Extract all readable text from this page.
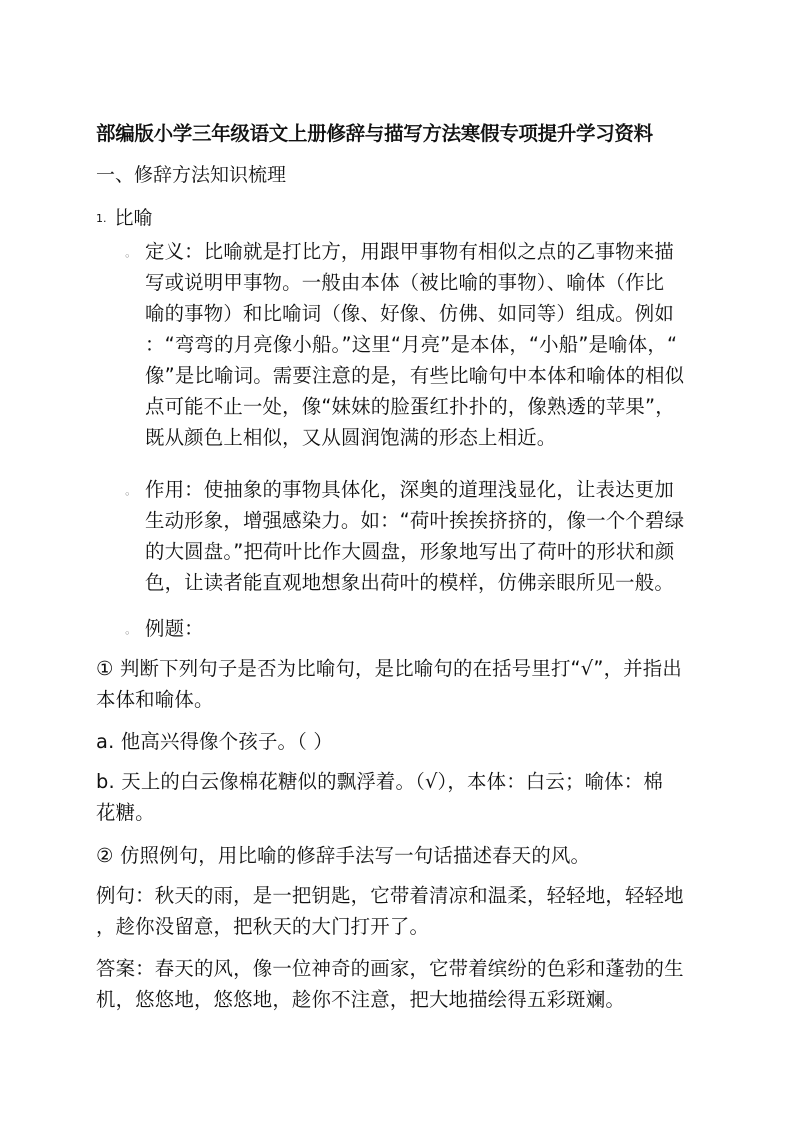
部编版小学三年级语文上册修辞与描写方法寒假专项提升学习资料
一、修辞方法知识梳理
1. 比喻
◦ 定义：比喻就是打比方，用跟甲事物有相似之点的乙事物来描
写或说明甲事物。一般由本体（被比喻的事物）、喻体（作比
喻的事物）和比喻词（像、好像、仿佛、如同等）组成。例如
：“弯弯的月亮像小船。”这里“月亮”是本体，“小船”是喻体，“
像”是比喻词。需要注意的是，有些比喻句中本体和喻体的相似
点可能不止一处，像“妹妹的脸蛋红扑扑的，像熟透的苹果”，
既从颜色上相似，又从圆润饱满的形态上相近。
◦ 作用：使抽象的事物具体化，深奥的道理浅显化，让表达更加
生动形象，增强感染力。如：“荷叶挨挨挤挤的，像一个个碧绿
的大圆盘。”把荷叶比作大圆盘，形象地写出了荷叶的形状和颜
色，让读者能直观地想象出荷叶的模样，仿佛亲眼所见一般。
◦ 例题：
① 判断下列句子是否为比喻句，是比喻句的在括号里打“√”，并指出
本体和喻体。
a. 他高兴得像个孩子。（ ）
b. 天上的白云像棉花糖似的飘浮着。（√），本体：白云；喻体：棉
花糖。
② 仿照例句，用比喻的修辞手法写一句话描述春天的风。
例句：秋天的雨，是一把钥匙，它带着清凉和温柔，轻轻地，轻轻地
，趁你没留意，把秋天的大门打开了。
答案：春天的风，像一位神奇的画家，它带着缤纷的色彩和蓬勃的生
机，悠悠地，悠悠地，趁你不注意，把大地描绘得五彩斑斓。
